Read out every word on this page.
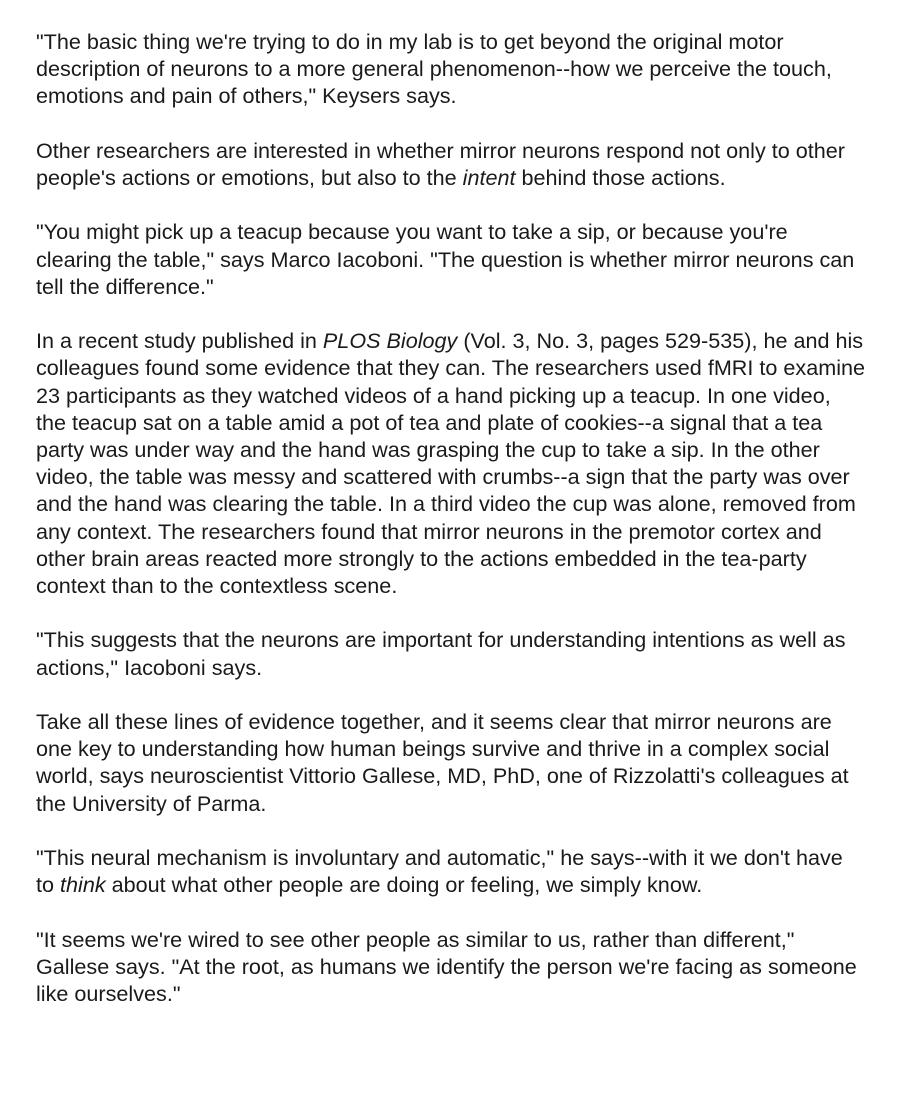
"The basic thing we're trying to do in my lab is to get beyond the original motor description of neurons to a more general phenomenon--how we perceive the touch, emotions and pain of others," Keysers says.

Other researchers are interested in whether mirror neurons respond not only to other people's actions or emotions, but also to the intent behind those actions.

"You might pick up a teacup because you want to take a sip, or because you're clearing the table," says Marco Iacoboni. "The question is whether mirror neurons can tell the difference."

In a recent study published in PLOS Biology (Vol. 3, No. 3, pages 529-535), he and his colleagues found some evidence that they can. The researchers used fMRI to examine 23 participants as they watched videos of a hand picking up a teacup. In one video, the teacup sat on a table amid a pot of tea and plate of cookies--a signal that a tea party was under way and the hand was grasping the cup to take a sip. In the other video, the table was messy and scattered with crumbs--a sign that the party was over and the hand was clearing the table. In a third video the cup was alone, removed from any context. The researchers found that mirror neurons in the premotor cortex and other brain areas reacted more strongly to the actions embedded in the tea-party context than to the contextless scene.

"This suggests that the neurons are important for understanding intentions as well as actions," Iacoboni says.

Take all these lines of evidence together, and it seems clear that mirror neurons are one key to understanding how human beings survive and thrive in a complex social world, says neuroscientist Vittorio Gallese, MD, PhD, one of Rizzolatti's colleagues at the University of Parma.

"This neural mechanism is involuntary and automatic," he says--with it we don't have to think about what other people are doing or feeling, we simply know.

"It seems we're wired to see other people as similar to us, rather than different," Gallese says. "At the root, as humans we identify the person we're facing as someone like ourselves."
